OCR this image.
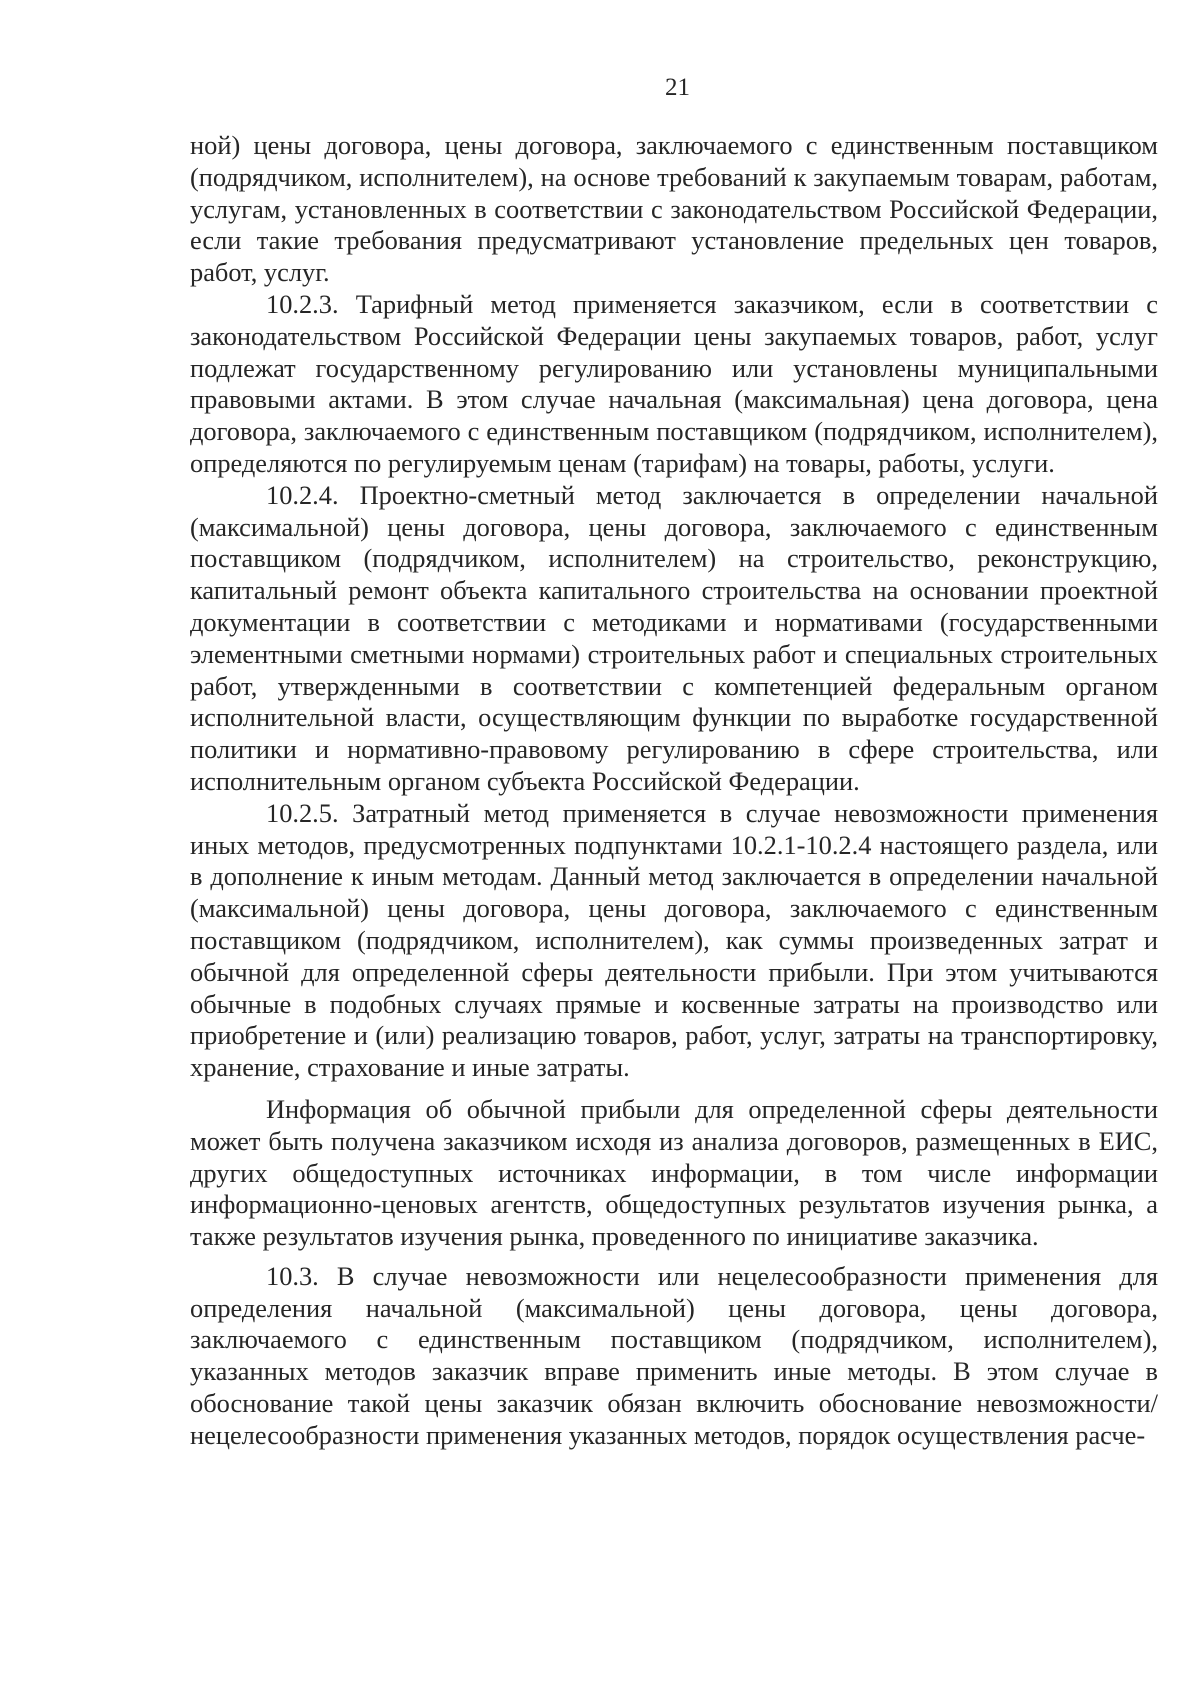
21

ной) цены договора, цены договора, заключаемого с единственным поставщиком (подрядчиком, исполнителем), на основе требований к закупаемым товарам, работам, услугам, установленных в соответствии с законодательством Российской Федерации, если такие требования предусматривают установление предельных цен товаров, работ, услуг.

10.2.3. Тарифный метод применяется заказчиком, если в соответствии с законодательством Российской Федерации цены закупаемых товаров, работ, услуг подлежат государственному регулированию или установлены муниципальными правовыми актами. В этом случае начальная (максимальная) цена договора, цена договора, заключаемого с единственным поставщиком (подрядчиком, исполнителем), определяются по регулируемым ценам (тарифам) на товары, работы, услуги.

10.2.4. Проектно-сметный метод заключается в определении начальной (максимальной) цены договора, цены договора, заключаемого с единственным поставщиком (подрядчиком, исполнителем) на строительство, реконструкцию, капитальный ремонт объекта капитального строительства на основании проектной документации в соответствии с методиками и нормативами (государственными элементными сметными нормами) строительных работ и специальных строительных работ, утвержденными в соответствии с компетенцией федеральным органом исполнительной власти, осуществляющим функции по выработке государственной политики и нормативно-правовому регулированию в сфере строительства, или исполнительным органом субъекта Российской Федерации.

10.2.5. Затратный метод применяется в случае невозможности применения иных методов, предусмотренных подпунктами 10.2.1-10.2.4 настоящего раздела, или в дополнение к иным методам. Данный метод заключается в определении начальной (максимальной) цены договора, цены договора, заключаемого с единственным поставщиком (подрядчиком, исполнителем), как суммы произведенных затрат и обычной для определенной сферы деятельности прибыли. При этом учитываются обычные в подобных случаях прямые и косвенные затраты на производство или приобретение и (или) реализацию товаров, работ, услуг, затраты на транспортировку, хранение, страхование и иные затраты.

Информация об обычной прибыли для определенной сферы деятельности может быть получена заказчиком исходя из анализа договоров, размещенных в ЕИС, других общедоступных источниках информации, в том числе информации информационно-ценовых агентств, общедоступных результатов изучения рынка, а также результатов изучения рынка, проведенного по инициативе заказчика.

10.3. В случае невозможности или нецелесообразности применения для определения начальной (максимальной) цены договора, цены договора, заключаемого с единственным поставщиком (подрядчиком, исполнителем), указанных методов заказчик вправе применить иные методы. В этом случае в обоснование такой цены заказчик обязан включить обоснование невозможности/нецелесообразности применения указанных методов, порядок осуществления расче-
